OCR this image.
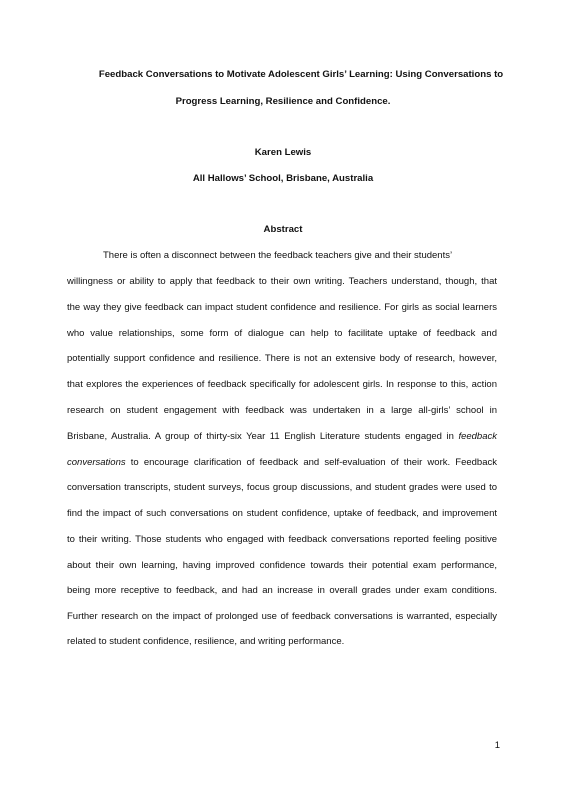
Feedback Conversations to Motivate Adolescent Girls’ Learning: Using Conversations to
Progress Learning, Resilience and Confidence.
Karen Lewis
All Hallows’ School, Brisbane, Australia
Abstract
There is often a disconnect between the feedback teachers give and their students’
willingness or ability to apply that feedback to their own writing. Teachers understand, though, that
the way they give feedback can impact student confidence and resilience. For girls as social learners
who value relationships, some form of dialogue can help to facilitate uptake of feedback and
potentially support confidence and resilience. There is not an extensive body of research, however,
that explores the experiences of feedback specifically for adolescent girls. In response to this, action
research on student engagement with feedback was undertaken in a large all-girls’ school in
Brisbane, Australia. A group of thirty-six Year 11 English Literature students engaged in feedback
conversations to encourage clarification of feedback and self-evaluation of their work. Feedback
conversation transcripts, student surveys, focus group discussions, and student grades were used to
find the impact of such conversations on student confidence, uptake of feedback, and improvement
to their writing. Those students who engaged with feedback conversations reported feeling positive
about their own learning, having improved confidence towards their potential exam performance,
being more receptive to feedback, and had an increase in overall grades under exam conditions.
Further research on the impact of prolonged use of feedback conversations is warranted, especially
related to student confidence, resilience, and writing performance.
1
